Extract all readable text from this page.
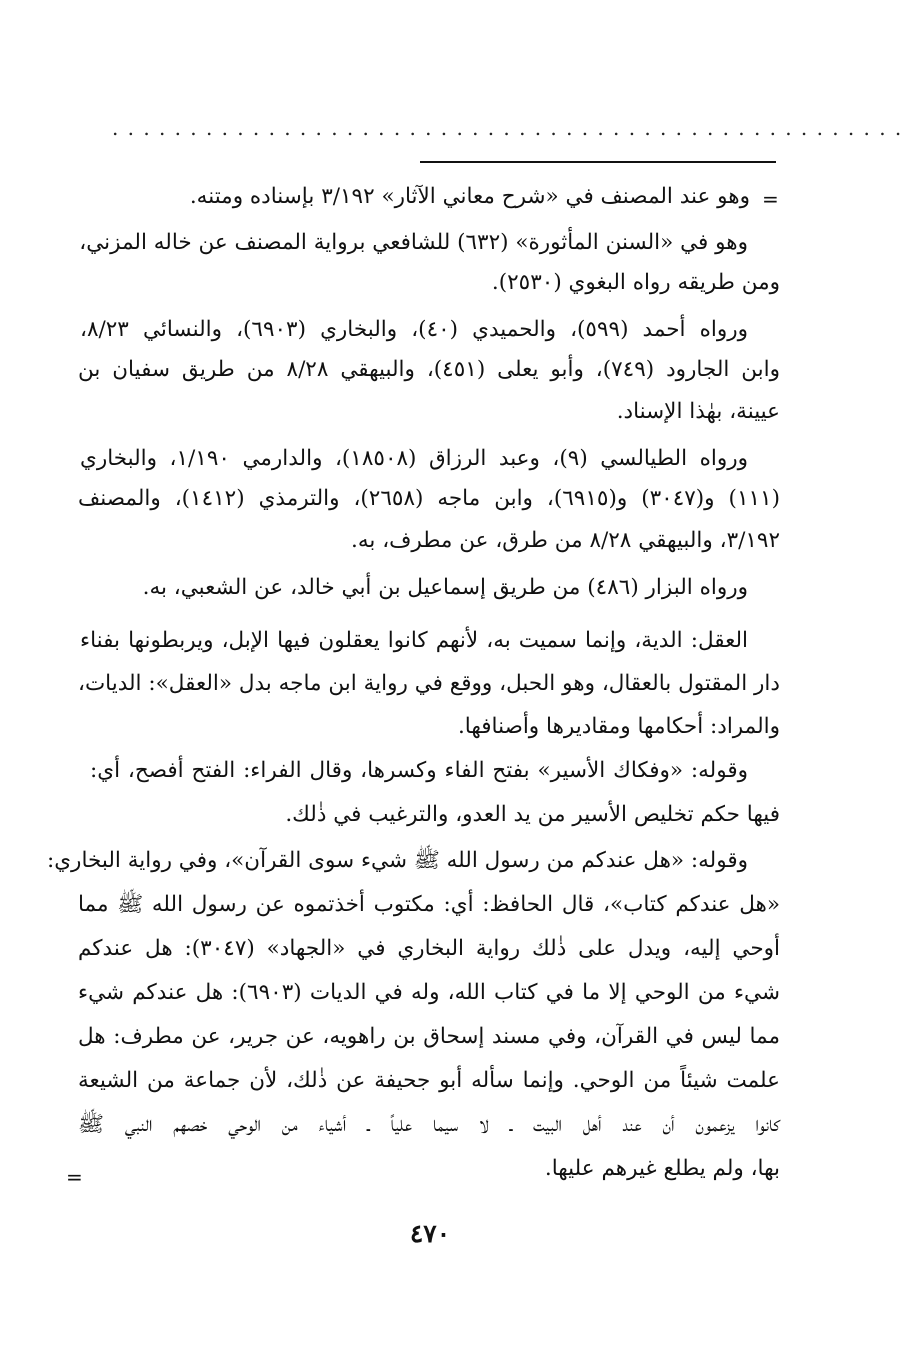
...................................................
=
وهو عند المصنف في «شرح معاني الآثار» ٣/١٩٢ بإسناده ومتنه.
وهو في «السنن المأثورة» (٦٣٢) للشافعي برواية المصنف عن خاله المزني،
ومن طريقه رواه البغوي (٢٥٣٠).
ورواه أحمد (٥٩٩)، والحميدي (٤٠)، والبخاري (٦٩٠٣)، والنسائي ٨/٢٣،
وابن الجارود (٧٤٩)، وأبو يعلى (٤٥١)، والبيهقي ٨/٢٨ من طريق سفيان بن
عيينة، بهٰذا الإسناد.
ورواه الطيالسي (٩)، وعبد الرزاق (١٨٥٠٨)، والدارمي ١/١٩٠، والبخاري
(١١١) و(٣٠٤٧) و(٦٩١٥)، وابن ماجه (٢٦٥٨)، والترمذي (١٤١٢)، والمصنف
٣/١٩٢، والبيهقي ٨/٢٨ من طرق، عن مطرف، به.
ورواه البزار (٤٨٦) من طريق إسماعيل بن أبي خالد، عن الشعبي، به.
العقل: الدية، وإنما سميت به، لأنهم كانوا يعقلون فيها الإبل، ويربطونها بفناء
دار المقتول بالعقال، وهو الحبل، ووقع في رواية ابن ماجه بدل «العقل»: الديات،
والمراد: أحكامها ومقاديرها وأصنافها.
وقوله: «وفكاك الأسير» بفتح الفاء وكسرها، وقال الفراء: الفتح أفصح، أي:
فيها حكم تخليص الأسير من يد العدو، والترغيب في ذٰلك.
وقوله: «هل عندكم من رسول الله ﷺ شيء سوى القرآن»، وفي رواية البخاري:
«هل عندكم كتاب»، قال الحافظ: أي: مكتوب أخذتموه عن رسول الله ﷺ مما
أوحي إليه، ويدل على ذٰلك رواية البخاري في «الجهاد» (٣٠٤٧): هل عندكم
شيء من الوحي إلا ما في كتاب الله، وله في الديات (٦٩٠٣): هل عندكم شيء
مما ليس في القرآن، وفي مسند إسحاق بن راهويه، عن جرير، عن مطرف: هل
علمت شيئاً من الوحي. وإنما سأله أبو جحيفة عن ذٰلك، لأن جماعة من الشيعة
كانوا يزعمون أن عند أهل البيت ـ لا سيما علياً ـ أشياء من الوحي خصهم النبي ﷺ
بها، ولم يطلع غيرهم عليها.
=
٤٧٠
